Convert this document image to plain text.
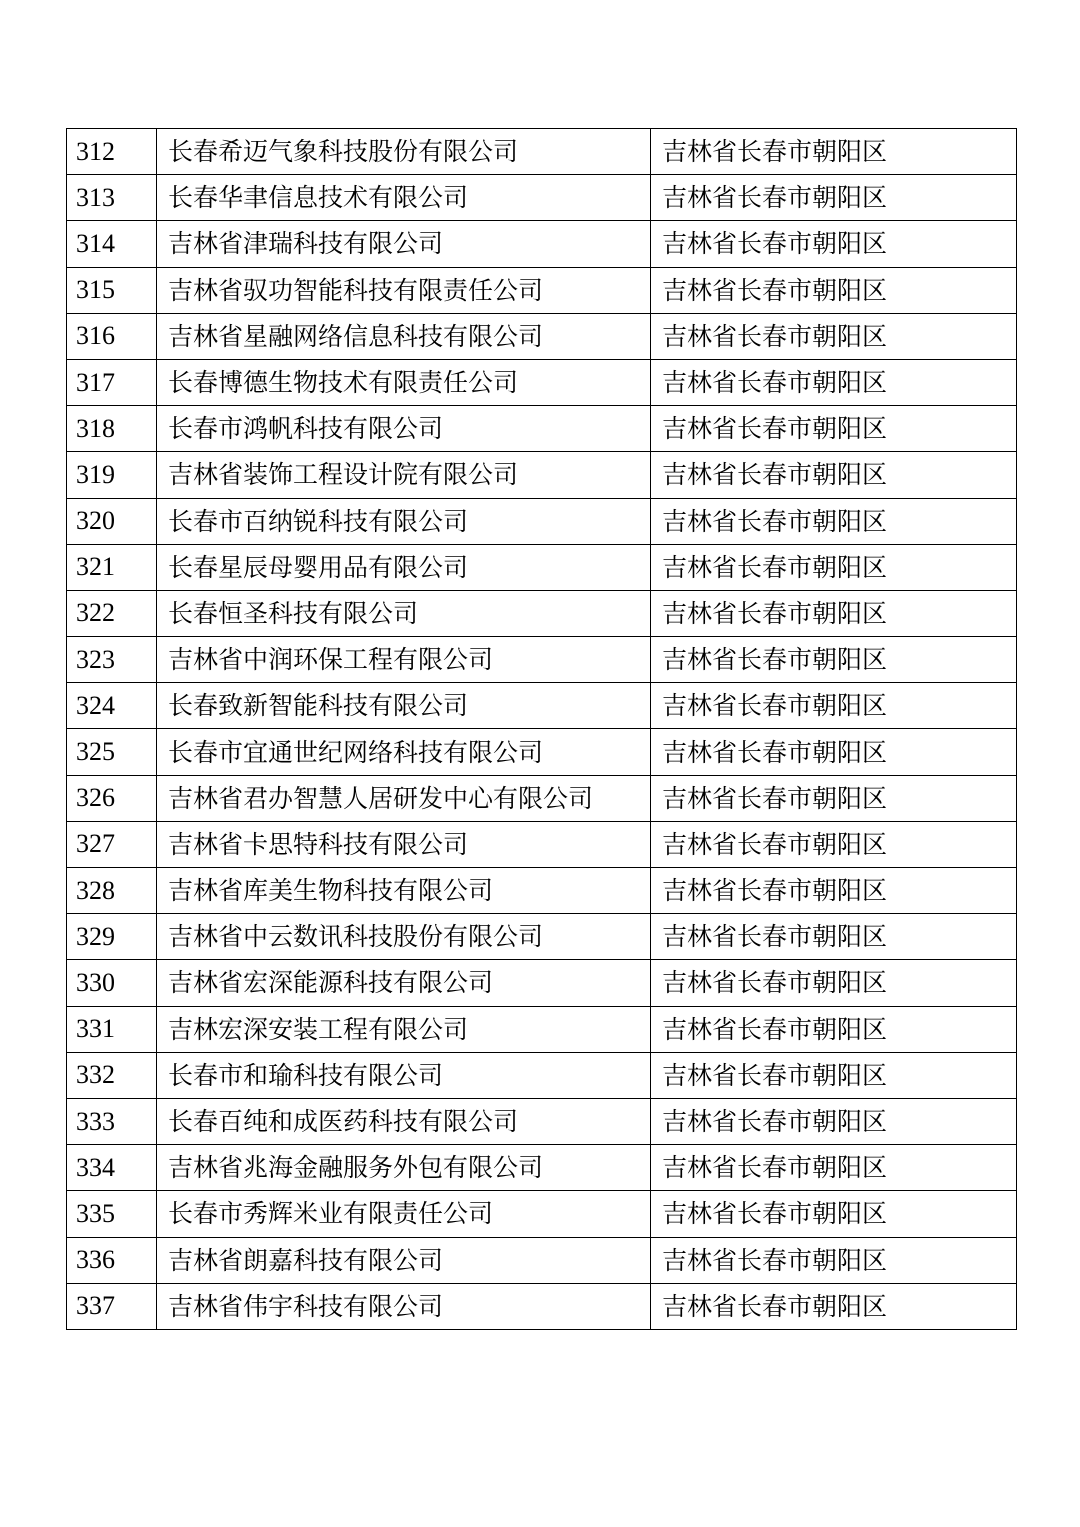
312	长春希迈气象科技股份有限公司	吉林省长春市朝阳区
313	长春华聿信息技术有限公司	吉林省长春市朝阳区
314	吉林省津瑞科技有限公司	吉林省长春市朝阳区
315	吉林省驭功智能科技有限责任公司	吉林省长春市朝阳区
316	吉林省星融网络信息科技有限公司	吉林省长春市朝阳区
317	长春博德生物技术有限责任公司	吉林省长春市朝阳区
318	长春市鸿帆科技有限公司	吉林省长春市朝阳区
319	吉林省装饰工程设计院有限公司	吉林省长春市朝阳区
320	长春市百纳锐科技有限公司	吉林省长春市朝阳区
321	长春星辰母婴用品有限公司	吉林省长春市朝阳区
322	长春恒圣科技有限公司	吉林省长春市朝阳区
323	吉林省中润环保工程有限公司	吉林省长春市朝阳区
324	长春致新智能科技有限公司	吉林省长春市朝阳区
325	长春市宜通世纪网络科技有限公司	吉林省长春市朝阳区
326	吉林省君办智慧人居研发中心有限公司	吉林省长春市朝阳区
327	吉林省卡思特科技有限公司	吉林省长春市朝阳区
328	吉林省库美生物科技有限公司	吉林省长春市朝阳区
329	吉林省中云数讯科技股份有限公司	吉林省长春市朝阳区
330	吉林省宏深能源科技有限公司	吉林省长春市朝阳区
331	吉林宏深安装工程有限公司	吉林省长春市朝阳区
332	长春市和瑜科技有限公司	吉林省长春市朝阳区
333	长春百纯和成医药科技有限公司	吉林省长春市朝阳区
334	吉林省兆海金融服务外包有限公司	吉林省长春市朝阳区
335	长春市秀辉米业有限责任公司	吉林省长春市朝阳区
336	吉林省朗嘉科技有限公司	吉林省长春市朝阳区
337	吉林省伟宇科技有限公司	吉林省长春市朝阳区
